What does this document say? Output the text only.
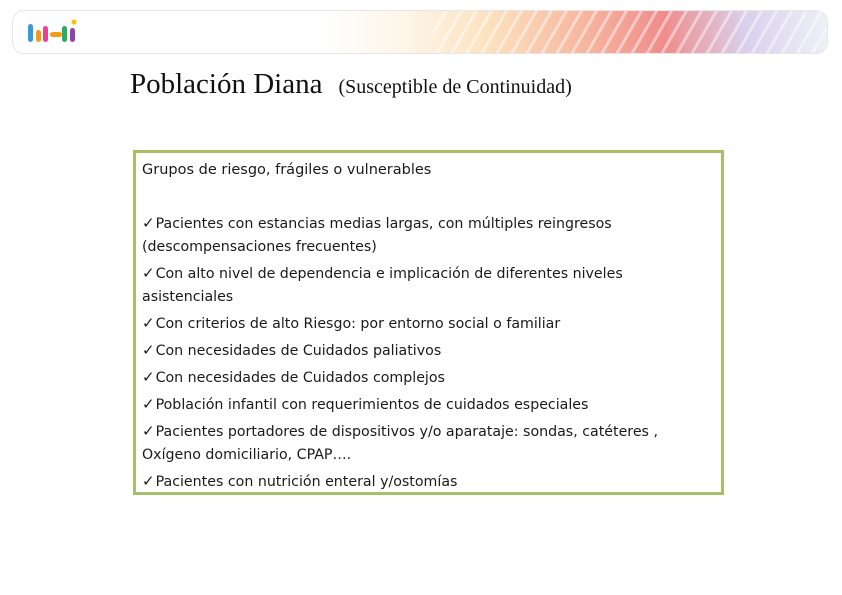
Población Diana (Susceptible de Continuidad)
Grupos de riesgo, frágiles o vulnerables
✓Pacientes con estancias medias largas, con múltiples reingresos (descompensaciones frecuentes)
✓Con alto nivel de dependencia e implicación de diferentes niveles asistenciales
✓Con criterios de alto Riesgo: por entorno social o familiar
✓Con necesidades de Cuidados paliativos
✓Con necesidades de Cuidados complejos
✓Población infantil con requerimientos de cuidados especiales
✓Pacientes portadores de dispositivos y/o aparataje: sondas, catéteres , Oxígeno domiciliario, CPAP….
✓Pacientes con nutrición enteral y/ostomías
